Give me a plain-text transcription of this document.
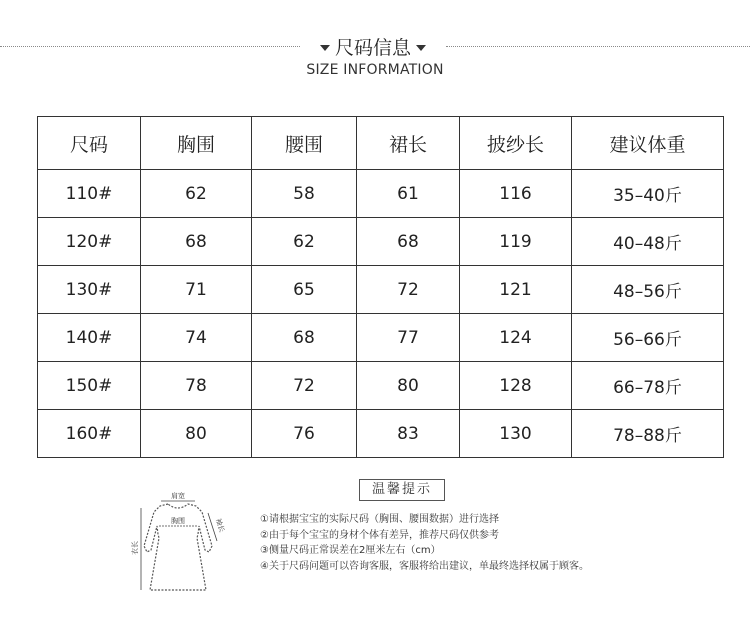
尺码信息
SIZE INFORMATION
尺码	胸围	腰围	裙长	披纱长	建议体重
110#	62	58	61	116	35–40斤
120#	68	62	68	119	40–48斤
130#	71	65	72	121	48–56斤
140#	74	68	77	124	56–66斤
150#	78	72	80	128	66–78斤
160#	80	76	83	130	78–88斤
温馨提示
肩宽
胸围
衣长
袖长	①请根据宝宝的实际尺码（胸围、腰围数据）进行选择
②由于每个宝宝的身材个体有差异，推荐尺码仅供参考
③侧量尺码正常误差在2厘米左右（cm）
④关于尺码问题可以咨询客服，客服将给出建议，单最终选择权属于顾客。
